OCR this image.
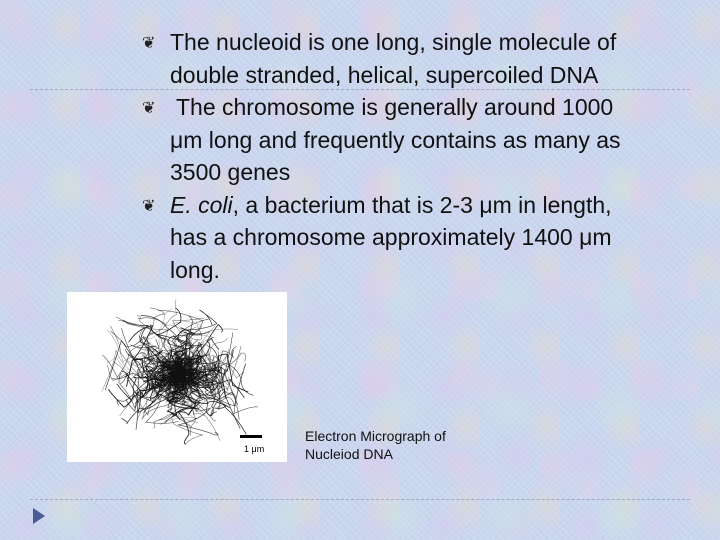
❦ The nucleoid is one long, single molecule of
double stranded, helical, supercoiled DNA
❦ The chromosome is generally around 1000
μm long and frequently contains as many as
3500 genes
❦ E. coli, a bacterium that is 2-3 μm in length,
has a chromosome approximately 1400 μm
long.
1 μm
Electron Micrograph of
Nucleiod DNA
